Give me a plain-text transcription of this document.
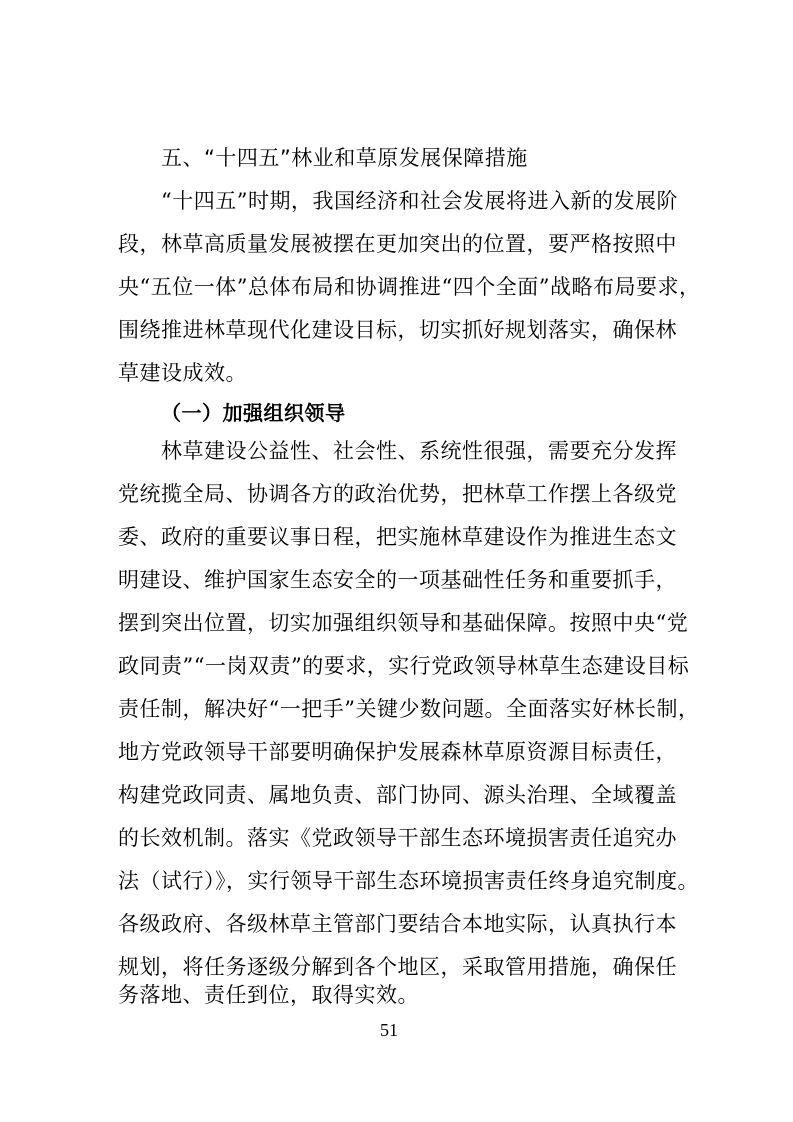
五、“十四五”林业和草原发展保障措施
“十四五”时期，我国经济和社会发展将进入新的发展阶
段，林草高质量发展被摆在更加突出的位置，要严格按照中
央“五位一体”总体布局和协调推进“四个全面”战略布局要求，
围绕推进林草现代化建设目标，切实抓好规划落实，确保林
草建设成效。
（一）加强组织领导
林草建设公益性、社会性、系统性很强，需要充分发挥
党统揽全局、协调各方的政治优势，把林草工作摆上各级党
委、政府的重要议事日程，把实施林草建设作为推进生态文
明建设、维护国家生态安全的一项基础性任务和重要抓手，
摆到突出位置，切实加强组织领导和基础保障。按照中央“党
政同责”“一岗双责”的要求，实行党政领导林草生态建设目标
责任制，解决好“一把手”关键少数问题。全面落实好林长制，
地方党政领导干部要明确保护发展森林草原资源目标责任，
构建党政同责、属地负责、部门协同、源头治理、全域覆盖
的长效机制。落实《党政领导干部生态环境损害责任追究办
法（试行）》，实行领导干部生态环境损害责任终身追究制度。
各级政府、各级林草主管部门要结合本地实际，认真执行本
规划，将任务逐级分解到各个地区，采取管用措施，确保任
务落地、责任到位，取得实效。
51
